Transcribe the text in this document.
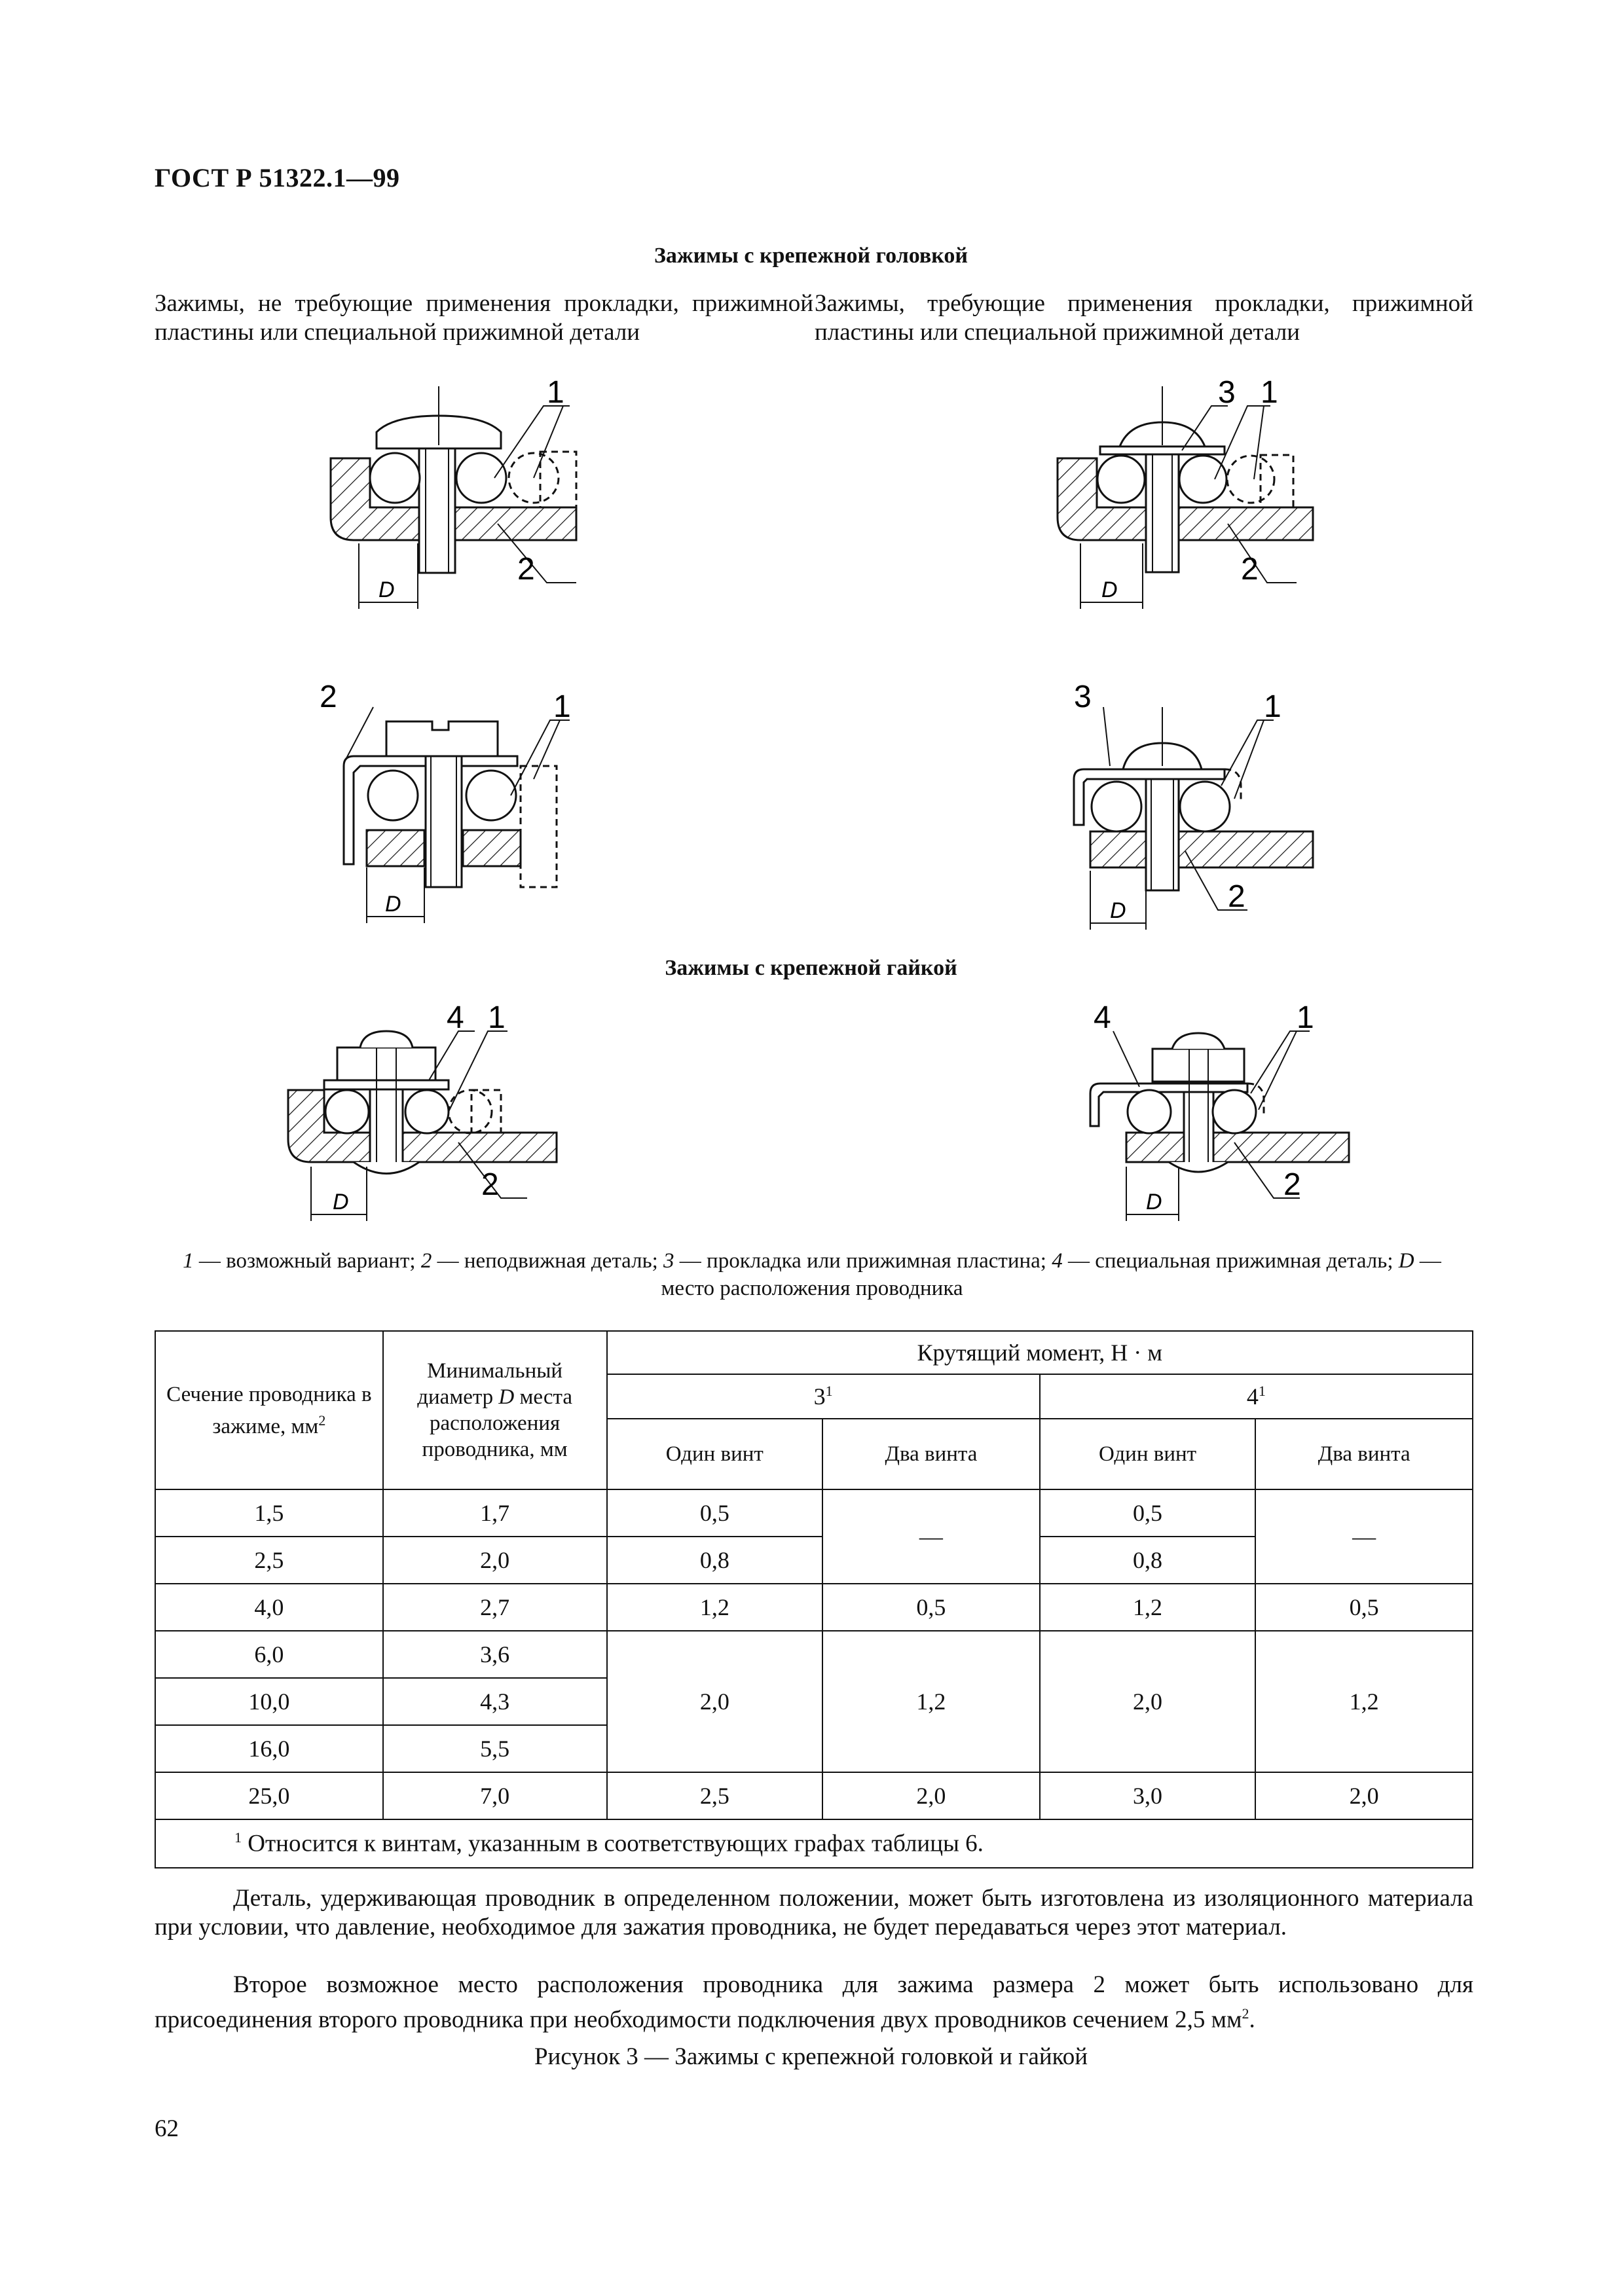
ГОСТ Р 51322.1—99
Зажимы с крепежной головкой
Зажимы, не требующие применения прокладки, прижимной пластины или специальной прижимной детали
Зажимы, требующие применения прокладки, прижимной пластины или специальной прижимной детали
D
1
2
D
3 1
2
D
2	1
D
3	1
2
Зажимы с крепежной гайкой
D
4 1
2	D
4	1
2
1 — возможный вариант; 2 — неподвижная деталь; 3 — прокладка или прижимная пластина; 4 — специальная прижимная деталь; D — место расположения проводника
Сечение проводника в зажиме, $мм^2$	Минимальный диаметр D места расположения проводника, мм	Крутящий момент, Н · м			
		$3^1$		$4^1$
		Один винт	Два винта	Один винт	Два винта
1,5	1,7	0,5	—	0,5	—
2,5	2,0	0,8		0,8	
4,0	2,7	1,2	0,5	1,2	0,5
6,0	3,6	2,0	1,2	2,0	1,2
10,0	4,3				
16,0	5,5				
25,0	7,0	2,5	2,0	3,0	2,0
$^1$ Относится к винтам, указанным в соответствующих графах таблицы 6.					
Деталь, удерживающая проводник в определенном положении, может быть изготовлена из изоляционного материала при условии, что давление, необходимое для зажатия проводника, не будет передаваться через этот материал.
Второе возможное место расположения проводника для зажима размера 2 может быть использовано для присоединения второго проводника при необходимости подключения двух проводников сечением 2,5 $мм^2$.
Рисунок 3 — Зажимы с крепежной головкой и гайкой
62
